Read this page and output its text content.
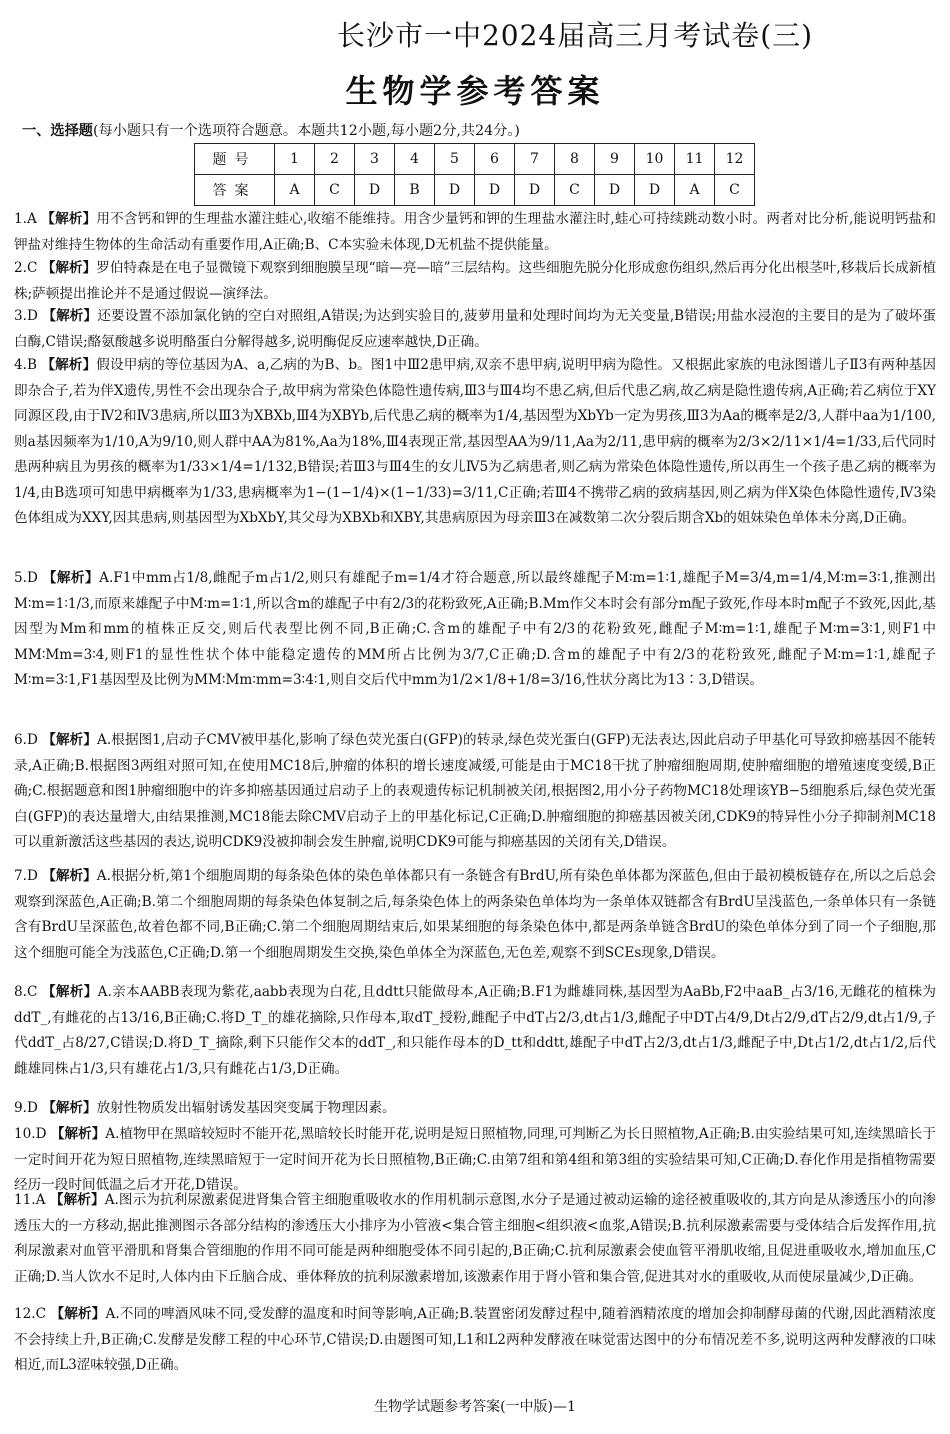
长沙市一中2024届高三月考试卷(三)
生物学参考答案
一、选择题(每小题只有一个选项符合题意。本题共12小题,每小题2分,共24分。)
题号	1	2	3	4	5	6	7	8	9	10	11	12
答案	A	C	D	B	D	D	D	C	D	D	A	C
1.A 【解析】用不含钙和钾的生理盐水灌注蛙心,收缩不能维持。用含少量钙和钾的生理盐水灌注时,蛙心可持续跳动数小时。两者对比分析,能说明钙盐和钾盐对维持生物体的生命活动有重要作用,A正确;B、C本实验未体现,D无机盐不提供能量。
2.C 【解析】罗伯特森是在电子显微镜下观察到细胞膜呈现“暗—亮—暗”三层结构。这些细胞先脱分化形成愈伤组织,然后再分化出根茎叶,移栽后长成新植株;萨顿提出推论并不是通过假说—演绎法。
3.D 【解析】还要设置不添加氯化钠的空白对照组,A错误;为达到实验目的,菠萝用量和处理时间均为无关变量,B错误;用盐水浸泡的主要目的是为了破坏蛋白酶,C错误;酪氨酸越多说明酪蛋白分解得越多,说明酶促反应速率越快,D正确。
4.B 【解析】假设甲病的等位基因为A、a,乙病的为B、b。图1中Ⅲ2患甲病,双亲不患甲病,说明甲病为隐性。又根据此家族的电泳图谱儿子Ⅱ3有两种基因即杂合子,若为伴X遗传,男性不会出现杂合子,故甲病为常染色体隐性遗传病,Ⅲ3与Ⅲ4均不患乙病,但后代患乙病,故乙病是隐性遗传病,A正确;若乙病位于XY同源区段,由于Ⅳ2和Ⅳ3患病,所以Ⅲ3为XBXb,Ⅲ4为XBYb,后代患乙病的概率为1/4,基因型为XbYb一定为男孩,Ⅲ3为Aa的概率是2/3,人群中aa为1/100,则a基因频率为1/10,A为9/10,则人群中AA为81%,Aa为18%,Ⅲ4表现正常,基因型AA为9/11,Aa为2/11,患甲病的概率为2/3×2/11×1/4=1/33,后代同时患两种病且为男孩的概率为1/33×1/4=1/132,B错误;若Ⅲ3与Ⅲ4生的女儿Ⅳ5为乙病患者,则乙病为常染色体隐性遗传,所以再生一个孩子患乙病的概率为1/4,由B选项可知患甲病概率为1/33,患病概率为1−(1−1/4)×(1−1/33)=3/11,C正确;若Ⅲ4不携带乙病的致病基因,则乙病为伴X染色体隐性遗传,Ⅳ3染色体组成为XXY,因其患病,则基因型为XbXbY,其父母为XBXb和XBY,其患病原因为母亲Ⅲ3在减数第二次分裂后期含Xb的姐妹染色单体未分离,D正确。
5.D 【解析】A.F1中mm占1/8,雌配子m占1/2,则只有雄配子m=1/4才符合题意,所以最终雄配子M∶m=1∶1,雄配子M=3/4,m=1/4,M∶m=3∶1,推测出M∶m=1∶1/3,而原来雄配子中M∶m=1∶1,所以含m的雄配子中有2/3的花粉致死,A正确;B.Mm作父本时会有部分m配子致死,作母本时m配子不致死,因此,基因型为Mm和mm的植株正反交,则后代表型比例不同,B正确;C.含m的雄配子中有2/3的花粉致死,雌配子M∶m=1∶1,雄配子M∶m=3∶1,则F1中MM∶Mm=3∶4,则F1的显性性状个体中能稳定遗传的MM所占比例为3/7,C正确;D.含m的雄配子中有2/3的花粉致死,雌配子M∶m=1∶1,雄配子M∶m=3∶1,F1基因型及比例为MM∶Mm∶mm=3∶4∶1,则自交后代中mm为1/2×1/8+1/8=3/16,性状分离比为13∶3,D错误。
6.D 【解析】A.根据图1,启动子CMV被甲基化,影响了绿色荧光蛋白(GFP)的转录,绿色荧光蛋白(GFP)无法表达,因此启动子甲基化可导致抑癌基因不能转录,A正确;B.根据图3两组对照可知,在使用MC18后,肿瘤的体积的增长速度减缓,可能是由于MC18干扰了肿瘤细胞周期,使肿瘤细胞的增殖速度变缓,B正确;C.根据题意和图1肿瘤细胞中的许多抑癌基因通过启动子上的表观遗传标记机制被关闭,根据图2,用小分子药物MC18处理该YB−5细胞系后,绿色荧光蛋白(GFP)的表达量增大,由结果推测,MC18能去除CMV启动子上的甲基化标记,C正确;D.肿瘤细胞的抑癌基因被关闭,CDK9的特异性小分子抑制剂MC18可以重新激活这些基因的表达,说明CDK9没被抑制会发生肿瘤,说明CDK9可能与抑癌基因的关闭有关,D错误。
7.D 【解析】A.根据分析,第1个细胞周期的每条染色体的染色单体都只有一条链含有BrdU,所有染色单体都为深蓝色,但由于最初模板链存在,所以之后总会观察到深蓝色,A正确;B.第二个细胞周期的每条染色体复制之后,每条染色体上的两条染色单体均为一条单体双链都含有BrdU呈浅蓝色,一条单体只有一条链含有BrdU呈深蓝色,故着色都不同,B正确;C.第二个细胞周期结束后,如果某细胞的每条染色体中,都是两条单链含BrdU的染色单体分到了同一个子细胞,那这个细胞可能全为浅蓝色,C正确;D.第一个细胞周期发生交换,染色单体全为深蓝色,无色差,观察不到SCEs现象,D错误。
8.C 【解析】A.亲本AABB表现为紫花,aabb表现为白花,且ddtt只能做母本,A正确;B.F1为雌雄同株,基因型为AaBb,F2中aaB_占3/16,无雌花的植株为ddT_,有雌花的占13/16,B正确;C.将D_T_的雄花摘除,只作母本,取dT_授粉,雌配子中dT占2/3,dt占1/3,雌配子中DT占4/9,Dt占2/9,dT占2/9,dt占1/9,子代ddT_占8/27,C错误;D.将D_T_摘除,剩下只能作父本的ddT_,和只能作母本的D_tt和ddtt,雄配子中dT占2/3,dt占1/3,雌配子中,Dt占1/2,dt占1/2,后代雌雄同株占1/3,只有雄花占1/3,只有雌花占1/3,D正确。
9.D 【解析】放射性物质发出辐射诱发基因突变属于物理因素。
10.D 【解析】A.植物甲在黑暗较短时不能开花,黑暗较长时能开花,说明是短日照植物,同理,可判断乙为长日照植物,A正确;B.由实验结果可知,连续黑暗长于一定时间开花为短日照植物,连续黑暗短于一定时间开花为长日照植物,B正确;C.由第7组和第4组和第3组的实验结果可知,C正确;D.春化作用是指植物需要经历一段时间低温之后才开花,D错误。
11.A 【解析】A.图示为抗利尿激素促进肾集合管主细胞重吸收水的作用机制示意图,水分子是通过被动运输的途径被重吸收的,其方向是从渗透压小的向渗透压大的一方移动,据此推测图示各部分结构的渗透压大小排序为小管液<集合管主细胞<组织液<血浆,A错误;B.抗利尿激素需要与受体结合后发挥作用,抗利尿激素对血管平滑肌和肾集合管细胞的作用不同可能是两种细胞受体不同引起的,B正确;C.抗利尿激素会使血管平滑肌收缩,且促进重吸收水,增加血压,C正确;D.当人饮水不足时,人体内由下丘脑合成、垂体释放的抗利尿激素增加,该激素作用于肾小管和集合管,促进其对水的重吸收,从而使尿量减少,D正确。
12.C 【解析】A.不同的啤酒风味不同,受发酵的温度和时间等影响,A正确;B.装置密闭发酵过程中,随着酒精浓度的增加会抑制酵母菌的代谢,因此酒精浓度不会持续上升,B正确;C.发酵是发酵工程的中心环节,C错误;D.由题图可知,L1和L2两种发酵液在味觉雷达图中的分布情况差不多,说明这两种发酵液的口味相近,而L3涩味较强,D正确。
生物学试题参考答案(一中版)—1
